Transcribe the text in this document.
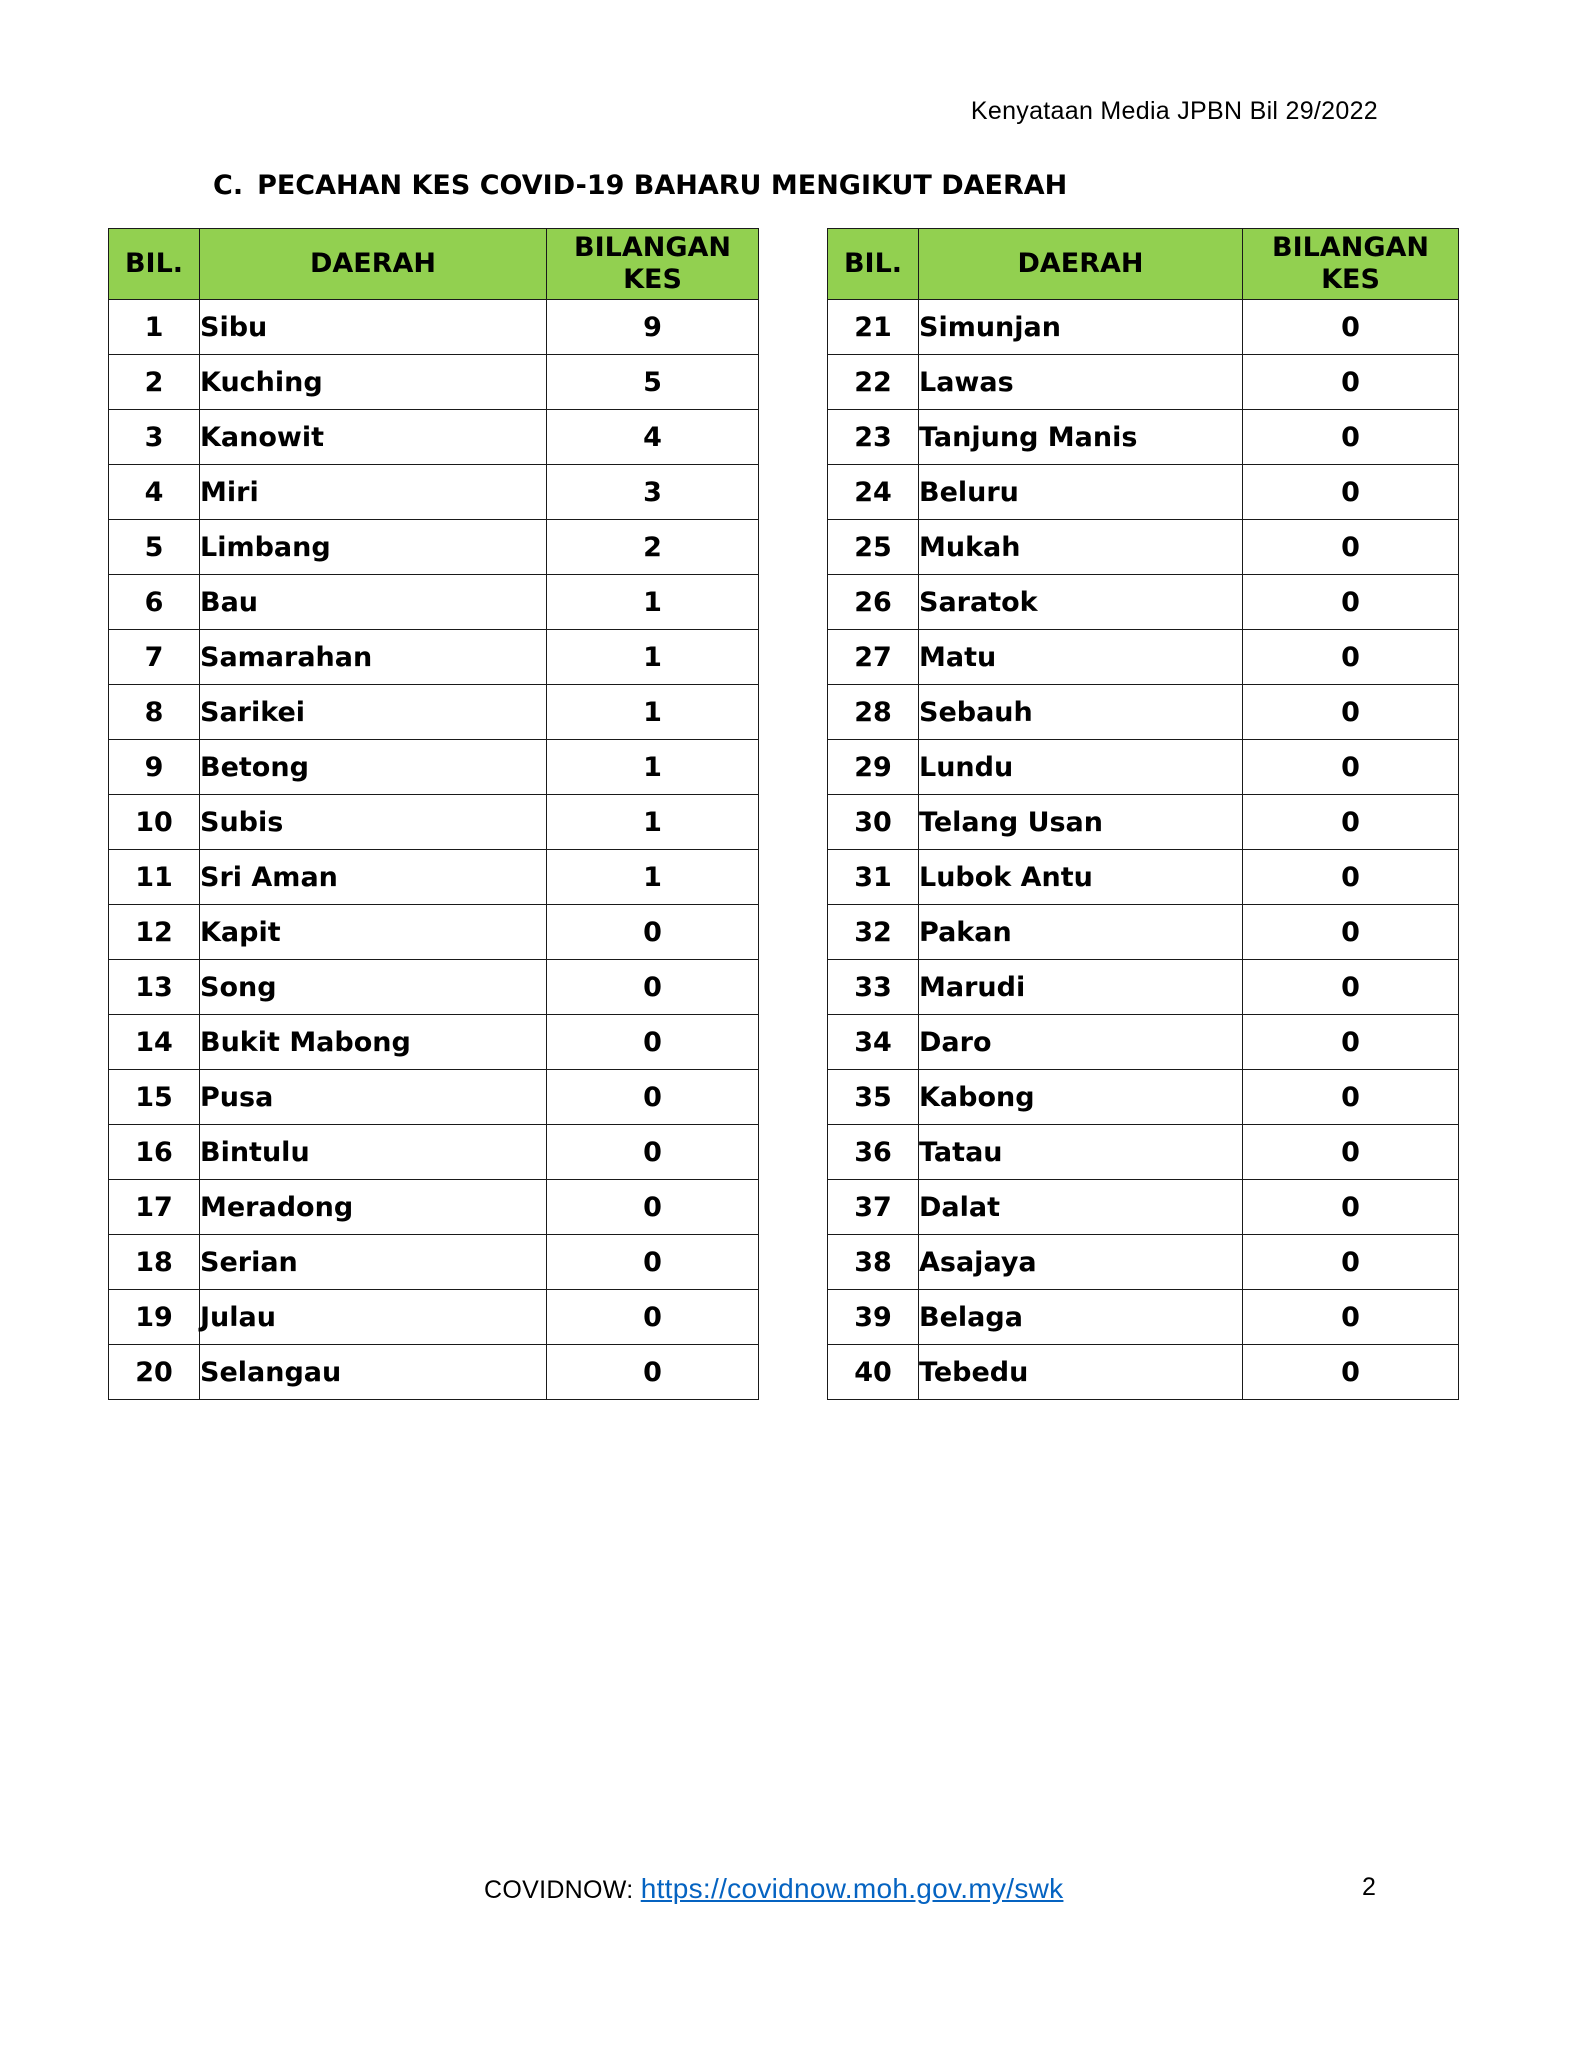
Kenyataan Media JPBN Bil 29/2022
C. PECAHAN KES COVID-19 BAHARU MENGIKUT DAERAH
BIL.	DAERAH	BILANGAN
KES
1	Sibu	9
2	Kuching	5
3	Kanowit	4
4	Miri	3
5	Limbang	2
6	Bau	1
7	Samarahan	1
8	Sarikei	1
9	Betong	1
10	Subis	1
11	Sri Aman	1
12	Kapit	0
13	Song	0
14	Bukit Mabong	0
15	Pusa	0
16	Bintulu	0
17	Meradong	0
18	Serian	0
19	Julau	0
20	Selangau	0
BIL.	DAERAH	BILANGAN
KES
21	Simunjan	0
22	Lawas	0
23	Tanjung Manis	0
24	Beluru	0
25	Mukah	0
26	Saratok	0
27	Matu	0
28	Sebauh	0
29	Lundu	0
30	Telang Usan	0
31	Lubok Antu	0
32	Pakan	0
33	Marudi	0
34	Daro	0
35	Kabong	0
36	Tatau	0
37	Dalat	0
38	Asajaya	0
39	Belaga	0
40	Tebedu	0
COVIDNOW: https://covidnow.moh.gov.my/swk	2
